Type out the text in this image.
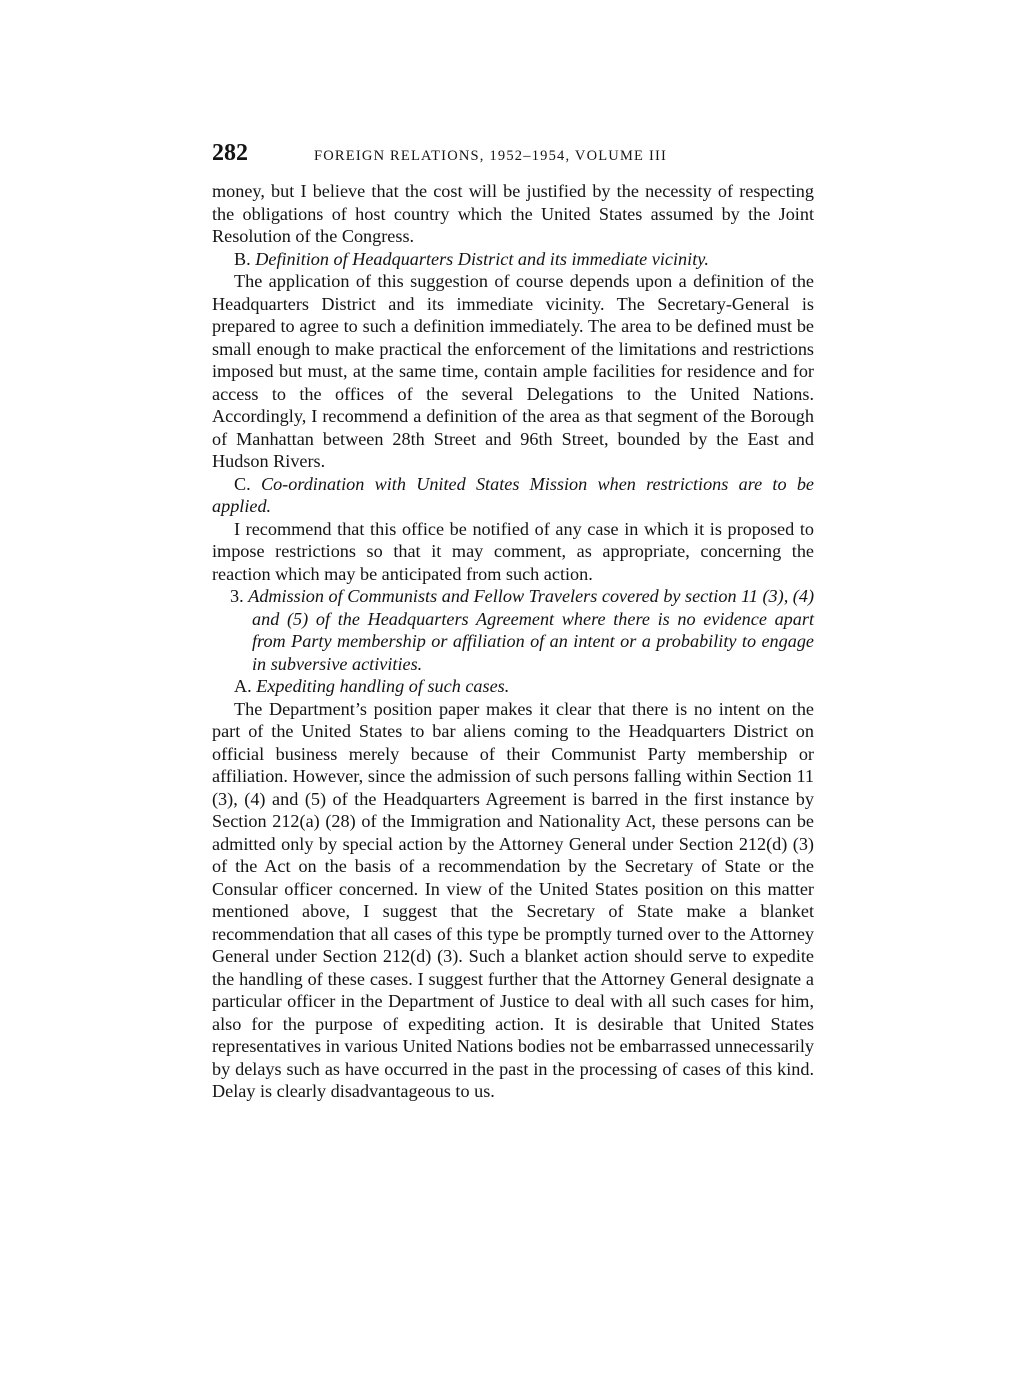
282	FOREIGN RELATIONS, 1952–1954, VOLUME III

money, but I believe that the cost will be justified by the necessity of respecting the obligations of host country which the United States assumed by the Joint Resolution of the Congress.

B. Definition of Headquarters District and its immediate vicinity.

The application of this suggestion of course depends upon a definition of the Headquarters District and its immediate vicinity. The Secretary-General is prepared to agree to such a definition immediately. The area to be defined must be small enough to make practical the enforcement of the limitations and restrictions imposed but must, at the same time, contain ample facilities for residence and for access to the offices of the several Delegations to the United Nations. Accordingly, I recommend a definition of the area as that segment of the Borough of Manhattan between 28th Street and 96th Street, bounded by the East and Hudson Rivers.

C. Co-ordination with United States Mission when restrictions are to be applied.

I recommend that this office be notified of any case in which it is proposed to impose restrictions so that it may comment, as appropriate, concerning the reaction which may be anticipated from such action.

3. Admission of Communists and Fellow Travelers covered by section 11 (3), (4) and (5) of the Headquarters Agreement where there is no evidence apart from Party membership or affiliation of an intent or a probability to engage in subversive activities.

A. Expediting handling of such cases.

The Department’s position paper makes it clear that there is no intent on the part of the United States to bar aliens coming to the Headquarters District on official business merely because of their Communist Party membership or affiliation. However, since the admission of such persons falling within Section 11 (3), (4) and (5) of the Headquarters Agreement is barred in the first instance by Section 212(a) (28) of the Immigration and Nationality Act, these persons can be admitted only by special action by the Attorney General under Section 212(d) (3) of the Act on the basis of a recommendation by the Secretary of State or the Consular officer concerned. In view of the United States position on this matter mentioned above, I suggest that the Secretary of State make a blanket recommendation that all cases of this type be promptly turned over to the Attorney General under Section 212(d) (3). Such a blanket action should serve to expedite the handling of these cases. I suggest further that the Attorney General designate a particular officer in the Department of Justice to deal with all such cases for him, also for the purpose of expediting action. It is desirable that United States representatives in various United Nations bodies not be embarrassed unnecessarily by delays such as have occurred in the past in the processing of cases of this kind. Delay is clearly disadvantageous to us.
